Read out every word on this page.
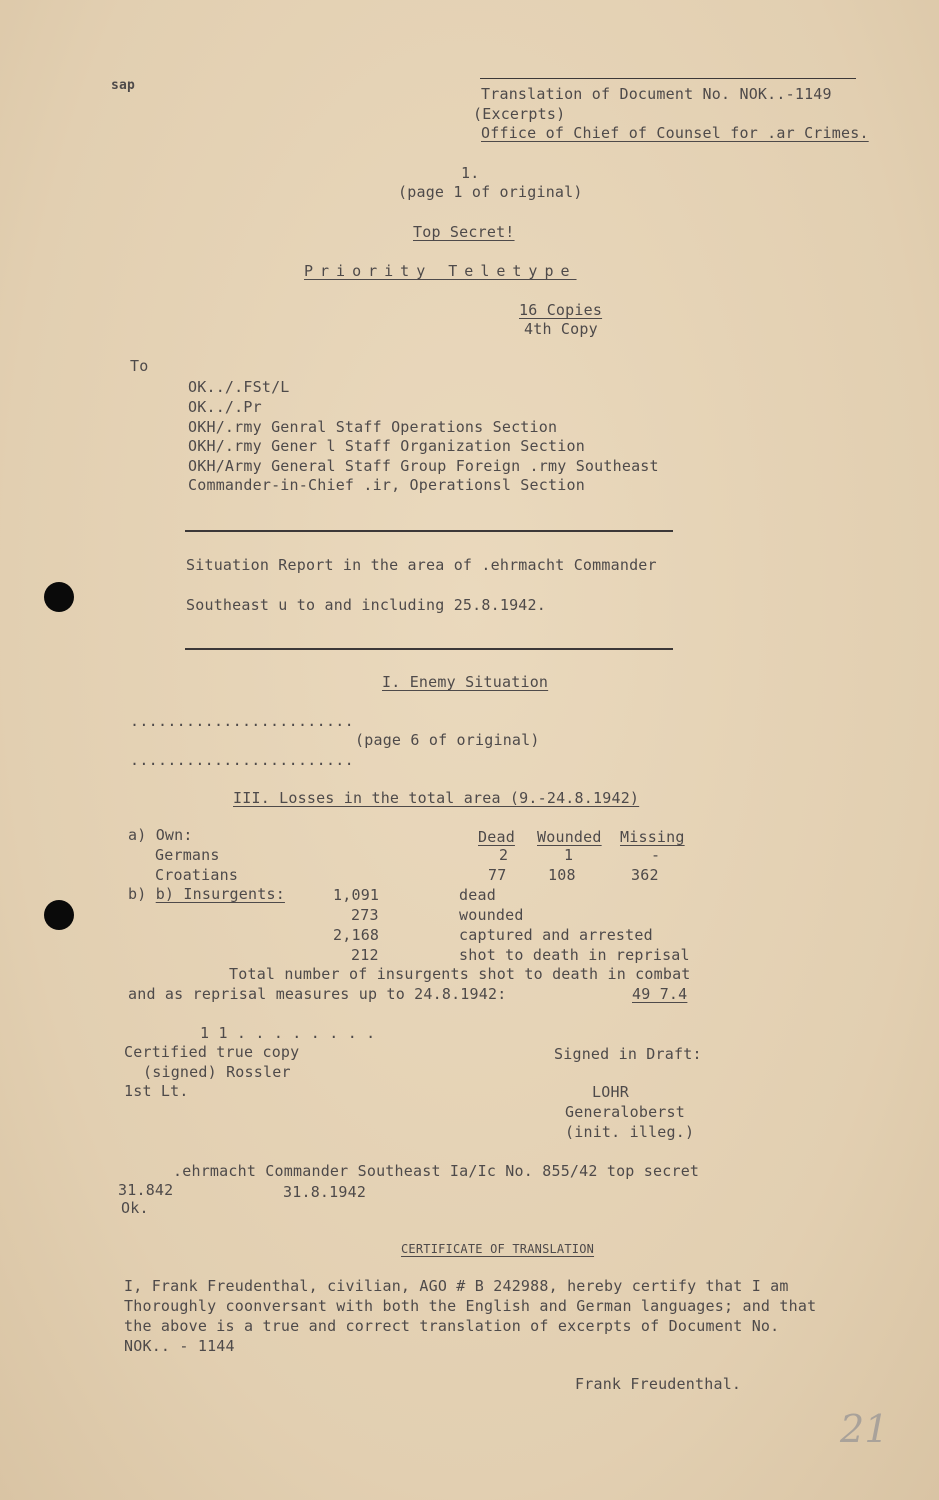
sap	Translation of Document No. NOK..-1149
(Excerpts)
Office of Chief of Counsel for .ar Crimes.
1.
(page 1 of original)
Top Secret!
Priority Teletype
16 Copies
4th Copy
To
OK../.FSt/L
OK../.Pr
OKH/.rmy Genral Staff Operations Section
OKH/.rmy Gener l Staff Organization Section
OKH/Army General Staff Group Foreign .rmy Southeast
Commander-in-Chief .ir, Operationsl Section
Situation Report in the area of .ehrmacht Commander
Southeast u to and including 25.8.1942.
I. Enemy Situation
........................
(page 6 of original)
........................
III. Losses in the total area (9.-24.8.1942)
a) Own:	Dead Wounded Missing
Germans	2	1	-
Croatians	77	108	362
b) b) Insurgents:	1,091	dead
273	wounded
2,168	captured and arrested
212	shot to death in reprisal
Total number of insurgents shot to death in combat
and as reprisal measures up to 24.8.1942:	49 7.4
1 1 . . . . . . . .
Certified true copy
(signed) Rossler
1st Lt.
Signed in Draft:
LOHR
Generaloberst
(init. illeg.)
.ehrmacht Commander Southeast Ia/Ic No. 855/42 top secret
31.842	31.8.1942
Ok.
CERTIFICATE OF TRANSLATION
I, Frank Freudenthal, civilian, AGO # B 242988, hereby certify that I am
Thoroughly coonversant with both the English and German languages; and that
the above is a true and correct translation of excerpts of Document No.
NOK.. - 1144
Frank Freudenthal.
21
